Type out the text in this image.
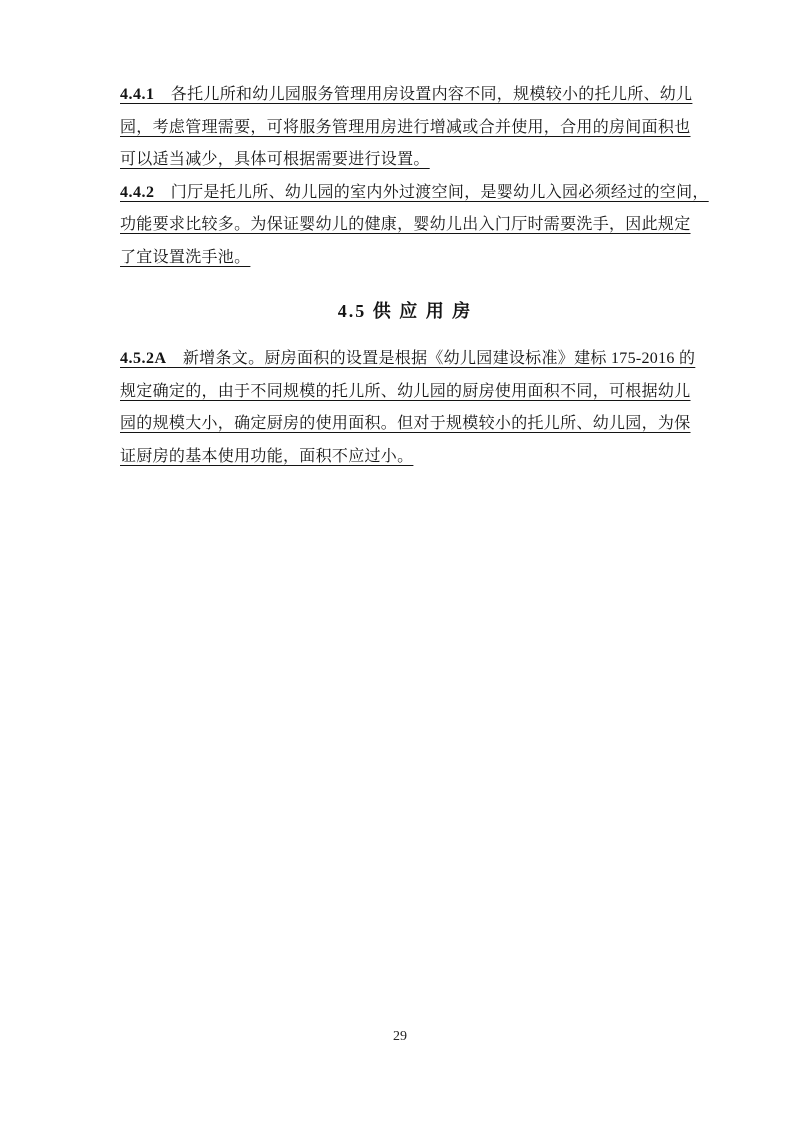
4.4.1　各托儿所和幼儿园服务管理用房设置内容不同，规模较小的托儿所、幼儿

园，考虑管理需要，可将服务管理用房进行增减或合并使用，合用的房间面积也

可以适当减少，具体可根据需要进行设置。

4.4.2　门厅是托儿所、幼儿园的室内外过渡空间，是婴幼儿入园必须经过的空间，

功能要求比较多。为保证婴幼儿的健康，婴幼儿出入门厅时需要洗手，因此规定

了宜设置洗手池。

4.5 供 应 用 房

4.5.2A　新增条文。厨房面积的设置是根据《幼儿园建设标准》建标 175-2016 的

规定确定的，由于不同规模的托儿所、幼儿园的厨房使用面积不同，可根据幼儿

园的规模大小，确定厨房的使用面积。但对于规模较小的托儿所、幼儿园，为保

证厨房的基本使用功能，面积不应过小。

29
